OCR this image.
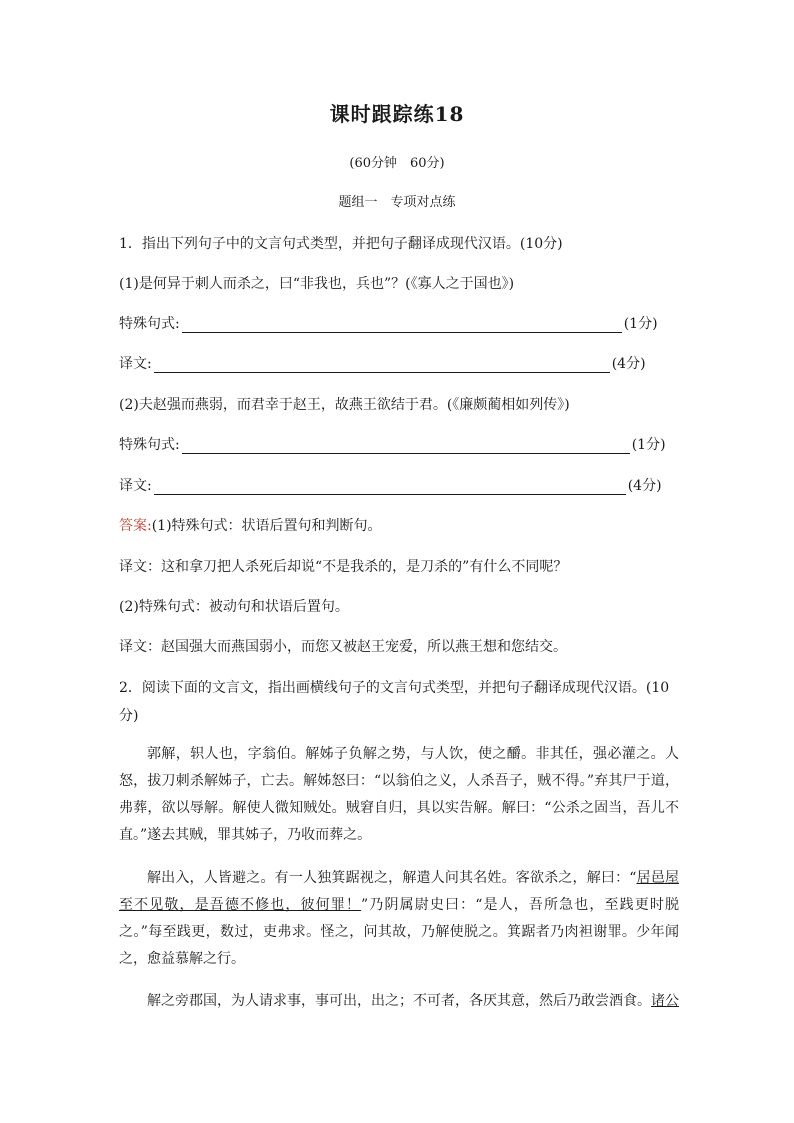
课时跟踪练18
(60分钟　60分)
题组一　专项对点练
1．指出下列句子中的文言句式类型，并把句子翻译成现代汉语。(10分)
(1)是何异于刺人而杀之，曰“非我也，兵也”？(《寡人之于国也》)
特殊句式:	(1分)
译文:	(4分)
(2)夫赵强而燕弱，而君幸于赵王，故燕王欲结于君。(《廉颇蔺相如列传》)
特殊句式:	(1分)
译文:	(4分)
答案:(1)特殊句式：状语后置句和判断句。
译文：这和拿刀把人杀死后却说“不是我杀的，是刀杀的”有什么不同呢？
(2)特殊句式：被动句和状语后置句。
译文：赵国强大而燕国弱小，而您又被赵王宠爱，所以燕王想和您结交。
2．阅读下面的文言文，指出画横线句子的文言句式类型，并把句子翻译成现代汉语。(10
分)
郭解，轵人也，字翁伯。解姊子负解之势，与人饮，使之釂。非其任，强必灌之。人怒，拔刀刺杀解姊子，亡去。解姊怒曰：“以翁伯之义，人杀吾子，贼不得。”弃其尸于道，弗葬，欲以辱解。解使人微知贼处。贼窘自归，具以实告解。解曰：“公杀之固当，吾儿不直。”遂去其贼，罪其姊子，乃收而葬之。
解出入，人皆避之。有一人独箕踞视之，解遣人问其名姓。客欲杀之，解曰：“居邑屋至不见敬，是吾德不修也，彼何罪！”乃阴属尉史曰：“是人，吾所急也，至践更时脱之。”每至践更，数过，吏弗求。怪之，问其故，乃解使脱之。箕踞者乃肉袒谢罪。少年闻之，愈益慕解之行。
解之旁郡国，为人请求事，事可出，出之；不可者，各厌其意，然后乃敢尝酒食。诸公
